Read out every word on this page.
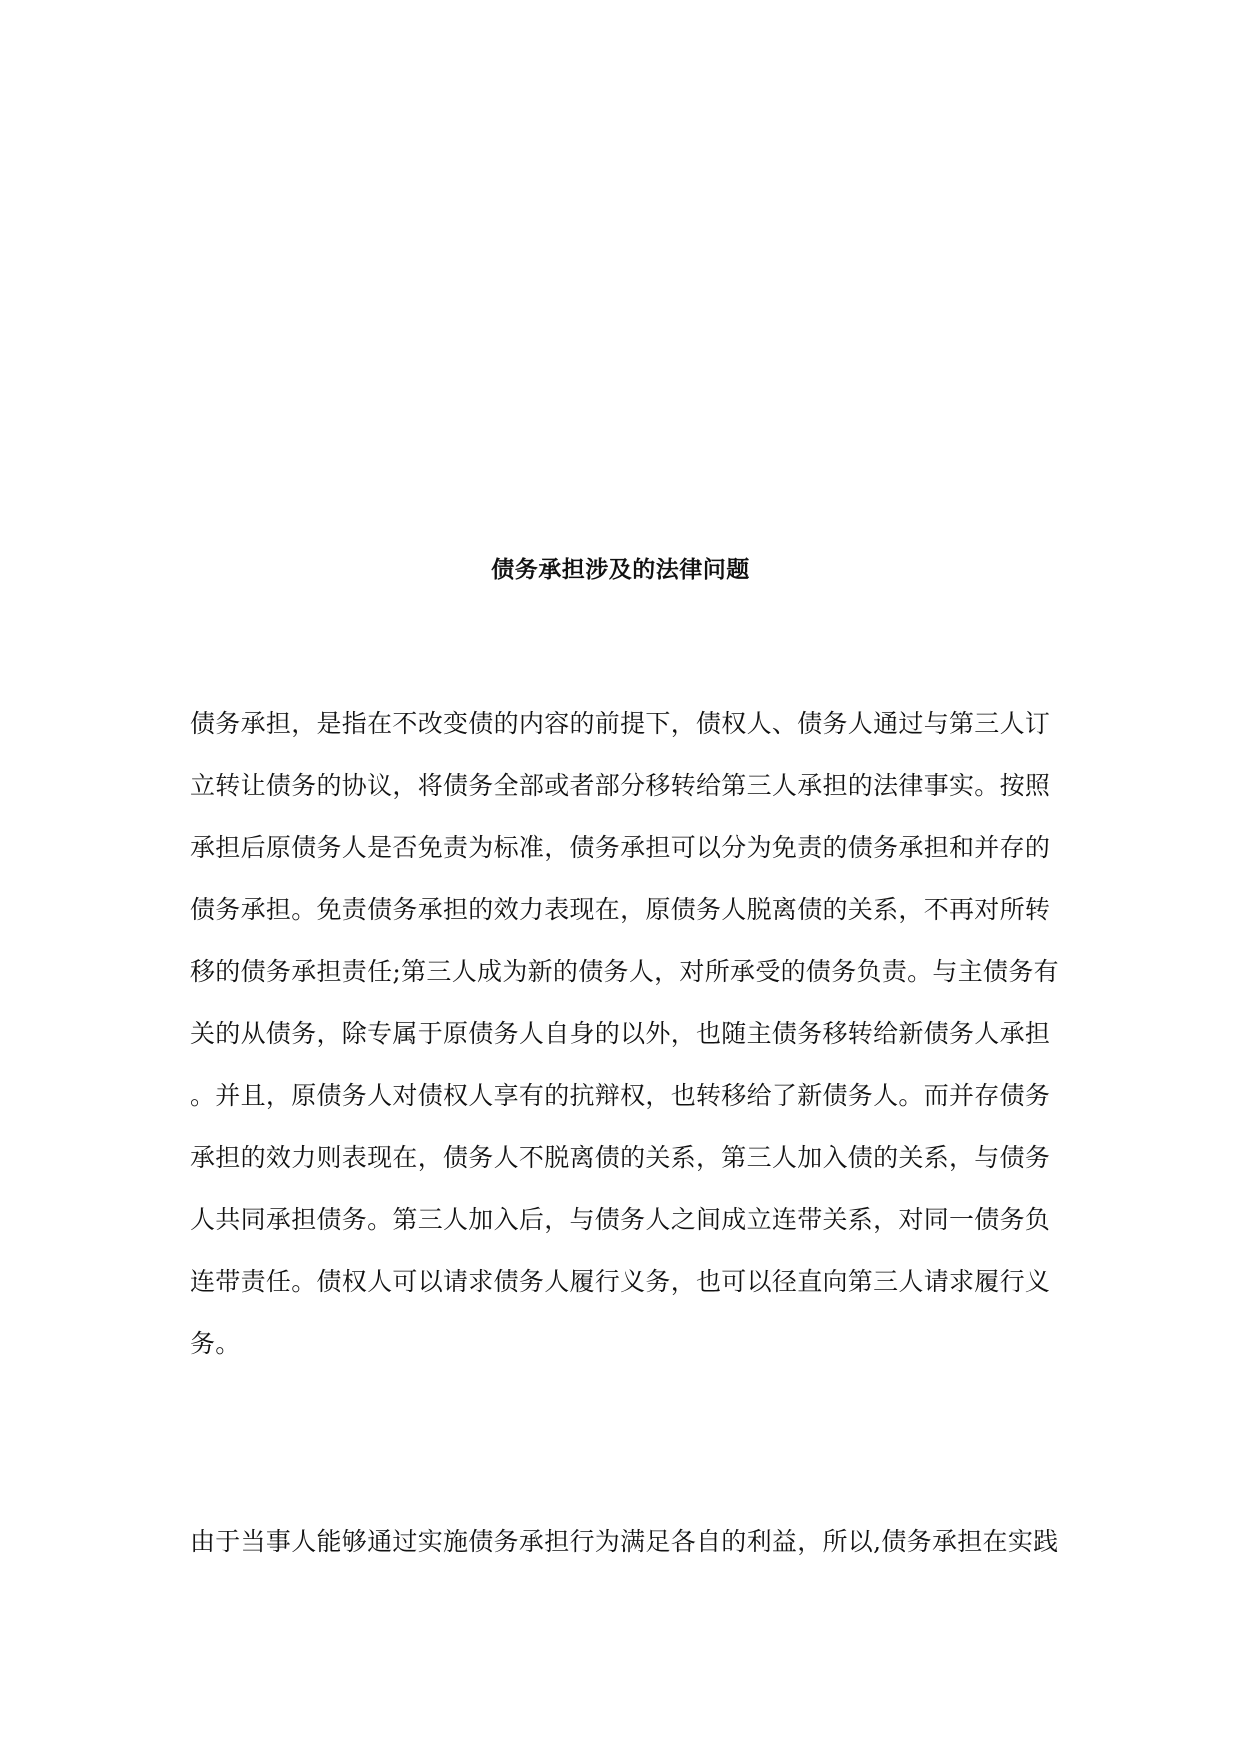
债务承担涉及的法律问题
债务承担，是指在不改变债的内容的前提下，债权人、债务人通过与第三人订
立转让债务的协议，将债务全部或者部分移转给第三人承担的法律事实。按照
承担后原债务人是否免责为标准，债务承担可以分为免责的债务承担和并存的
债务承担。免责债务承担的效力表现在，原债务人脱离债的关系，不再对所转
移的债务承担责任;第三人成为新的债务人，对所承受的债务负责。与主债务有
关的从债务，除专属于原债务人自身的以外，也随主债务移转给新债务人承担
。并且，原债务人对债权人享有的抗辩权，也转移给了新债务人。而并存债务
承担的效力则表现在，债务人不脱离债的关系，第三人加入债的关系，与债务
人共同承担债务。第三人加入后，与债务人之间成立连带关系，对同一债务负
连带责任。债权人可以请求债务人履行义务，也可以径直向第三人请求履行义
务。
由于当事人能够通过实施债务承担行为满足各自的利益，所以,债务承担在实践
